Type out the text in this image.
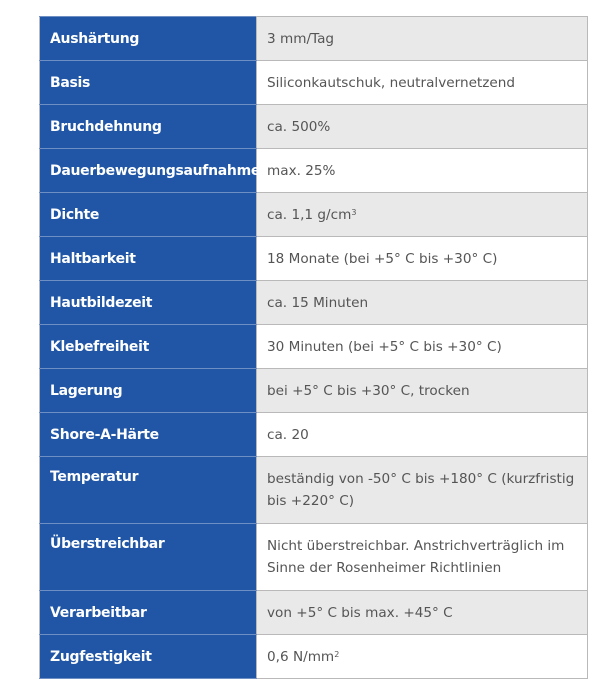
Aushärtung	3 mm/Tag
Basis	Siliconkautschuk, neutralvernetzend
Bruchdehnung	ca. 500%
Dauerbewegungsaufnahme	max. 25%
Dichte	ca. 1,1 $g/cm^3$
Haltbarkeit	18 Monate (bei +5° C bis +30° C)
Hautbildezeit	ca. 15 Minuten
Klebefreiheit	30 Minuten (bei +5° C bis +30° C)
Lagerung	bei +5° C bis +30° C, trocken
Shore-A-Härte	ca. 20
Temperatur	beständig von -50° C bis +180° C (kurzfristig bis +220° C)
Überstreichbar	Nicht überstreichbar. Anstrichverträglich im Sinne der Rosenheimer Richtlinien
Verarbeitbar	von +5° C bis max. +45° C
Zugfestigkeit	0,6 $N/mm^2$
